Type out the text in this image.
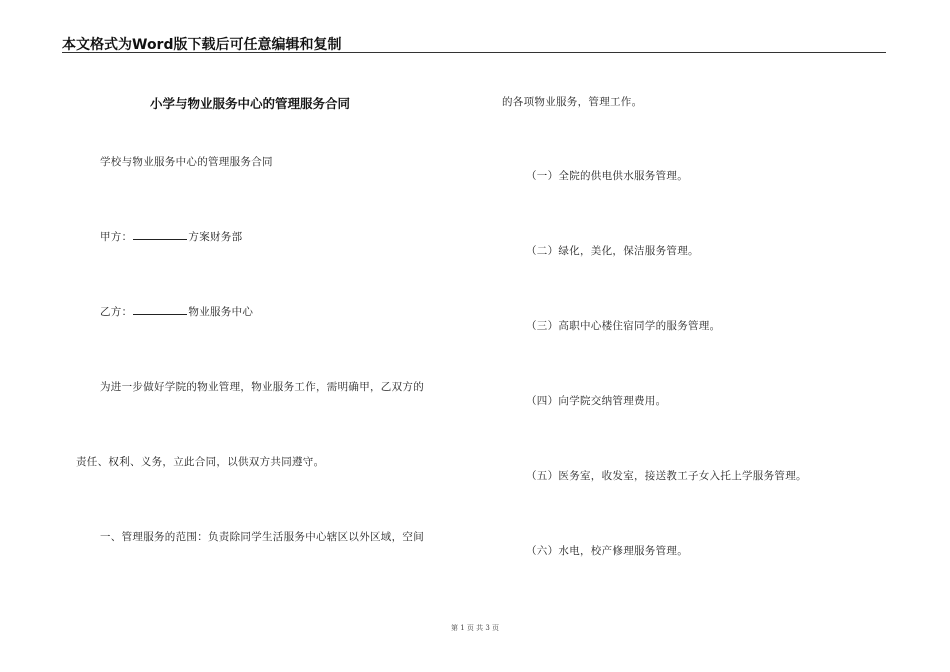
本文格式为Word版下载后可任意编辑和复制
小学与物业服务中心的管理服务合同
学校与物业服务中心的管理服务合同
甲方：	方案财务部
乙方：	物业服务中心
为进一步做好学院的物业管理，物业服务工作，需明确甲，乙双方的
责任、权利、义务，立此合同，以供双方共同遵守。
一、管理服务的范围：负责除同学生活服务中心辖区以外区域，空间
的各项物业服务，管理工作。
（一）全院的供电供水服务管理。
（二）绿化，美化，保洁服务管理。
（三）高职中心楼住宿同学的服务管理。
（四）向学院交纳管理费用。
（五）医务室，收发室，接送教工子女入托上学服务管理。
（六）水电，校产修理服务管理。
第 1 页 共 3 页
